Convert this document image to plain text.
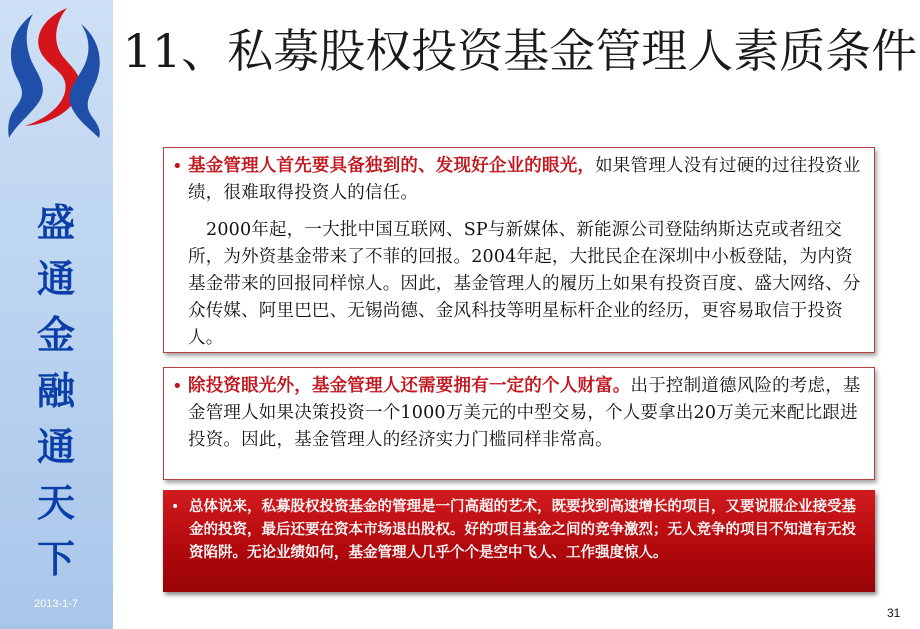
盛
通
金
融
通
天
下
2013-1-7
11、私募股权投资基金管理人素质条件
• 基金管理人首先要具备独到的、发现好企业的眼光，如果管理人没有过硬的过往投资业绩，很难取得投资人的信任。
2000年起，一大批中国互联网、SP与新媒体、新能源公司登陆纳斯达克或者纽交所，为外资基金带来了不菲的回报。2004年起，大批民企在深圳中小板登陆，为内资基金带来的回报同样惊人。因此，基金管理人的履历上如果有投资百度、盛大网络、分众传媒、阿里巴巴、无锡尚德、金风科技等明星标杆企业的经历，更容易取信于投资人。
• 除投资眼光外，基金管理人还需要拥有一定的个人财富。出于控制道德风险的考虑，基金管理人如果决策投资一个1000万美元的中型交易，个人要拿出20万美元来配比跟进投资。因此，基金管理人的经济实力门槛同样非常高。
• 总体说来，私募股权投资基金的管理是一门高超的艺术，既要找到高速增长的项目，又要说服企业接受基金的投资，最后还要在资本市场退出股权。好的项目基金之间的竞争激烈；无人竞争的项目不知道有无投资陷阱。无论业绩如何，基金管理人几乎个个是空中飞人、工作强度惊人。
31
